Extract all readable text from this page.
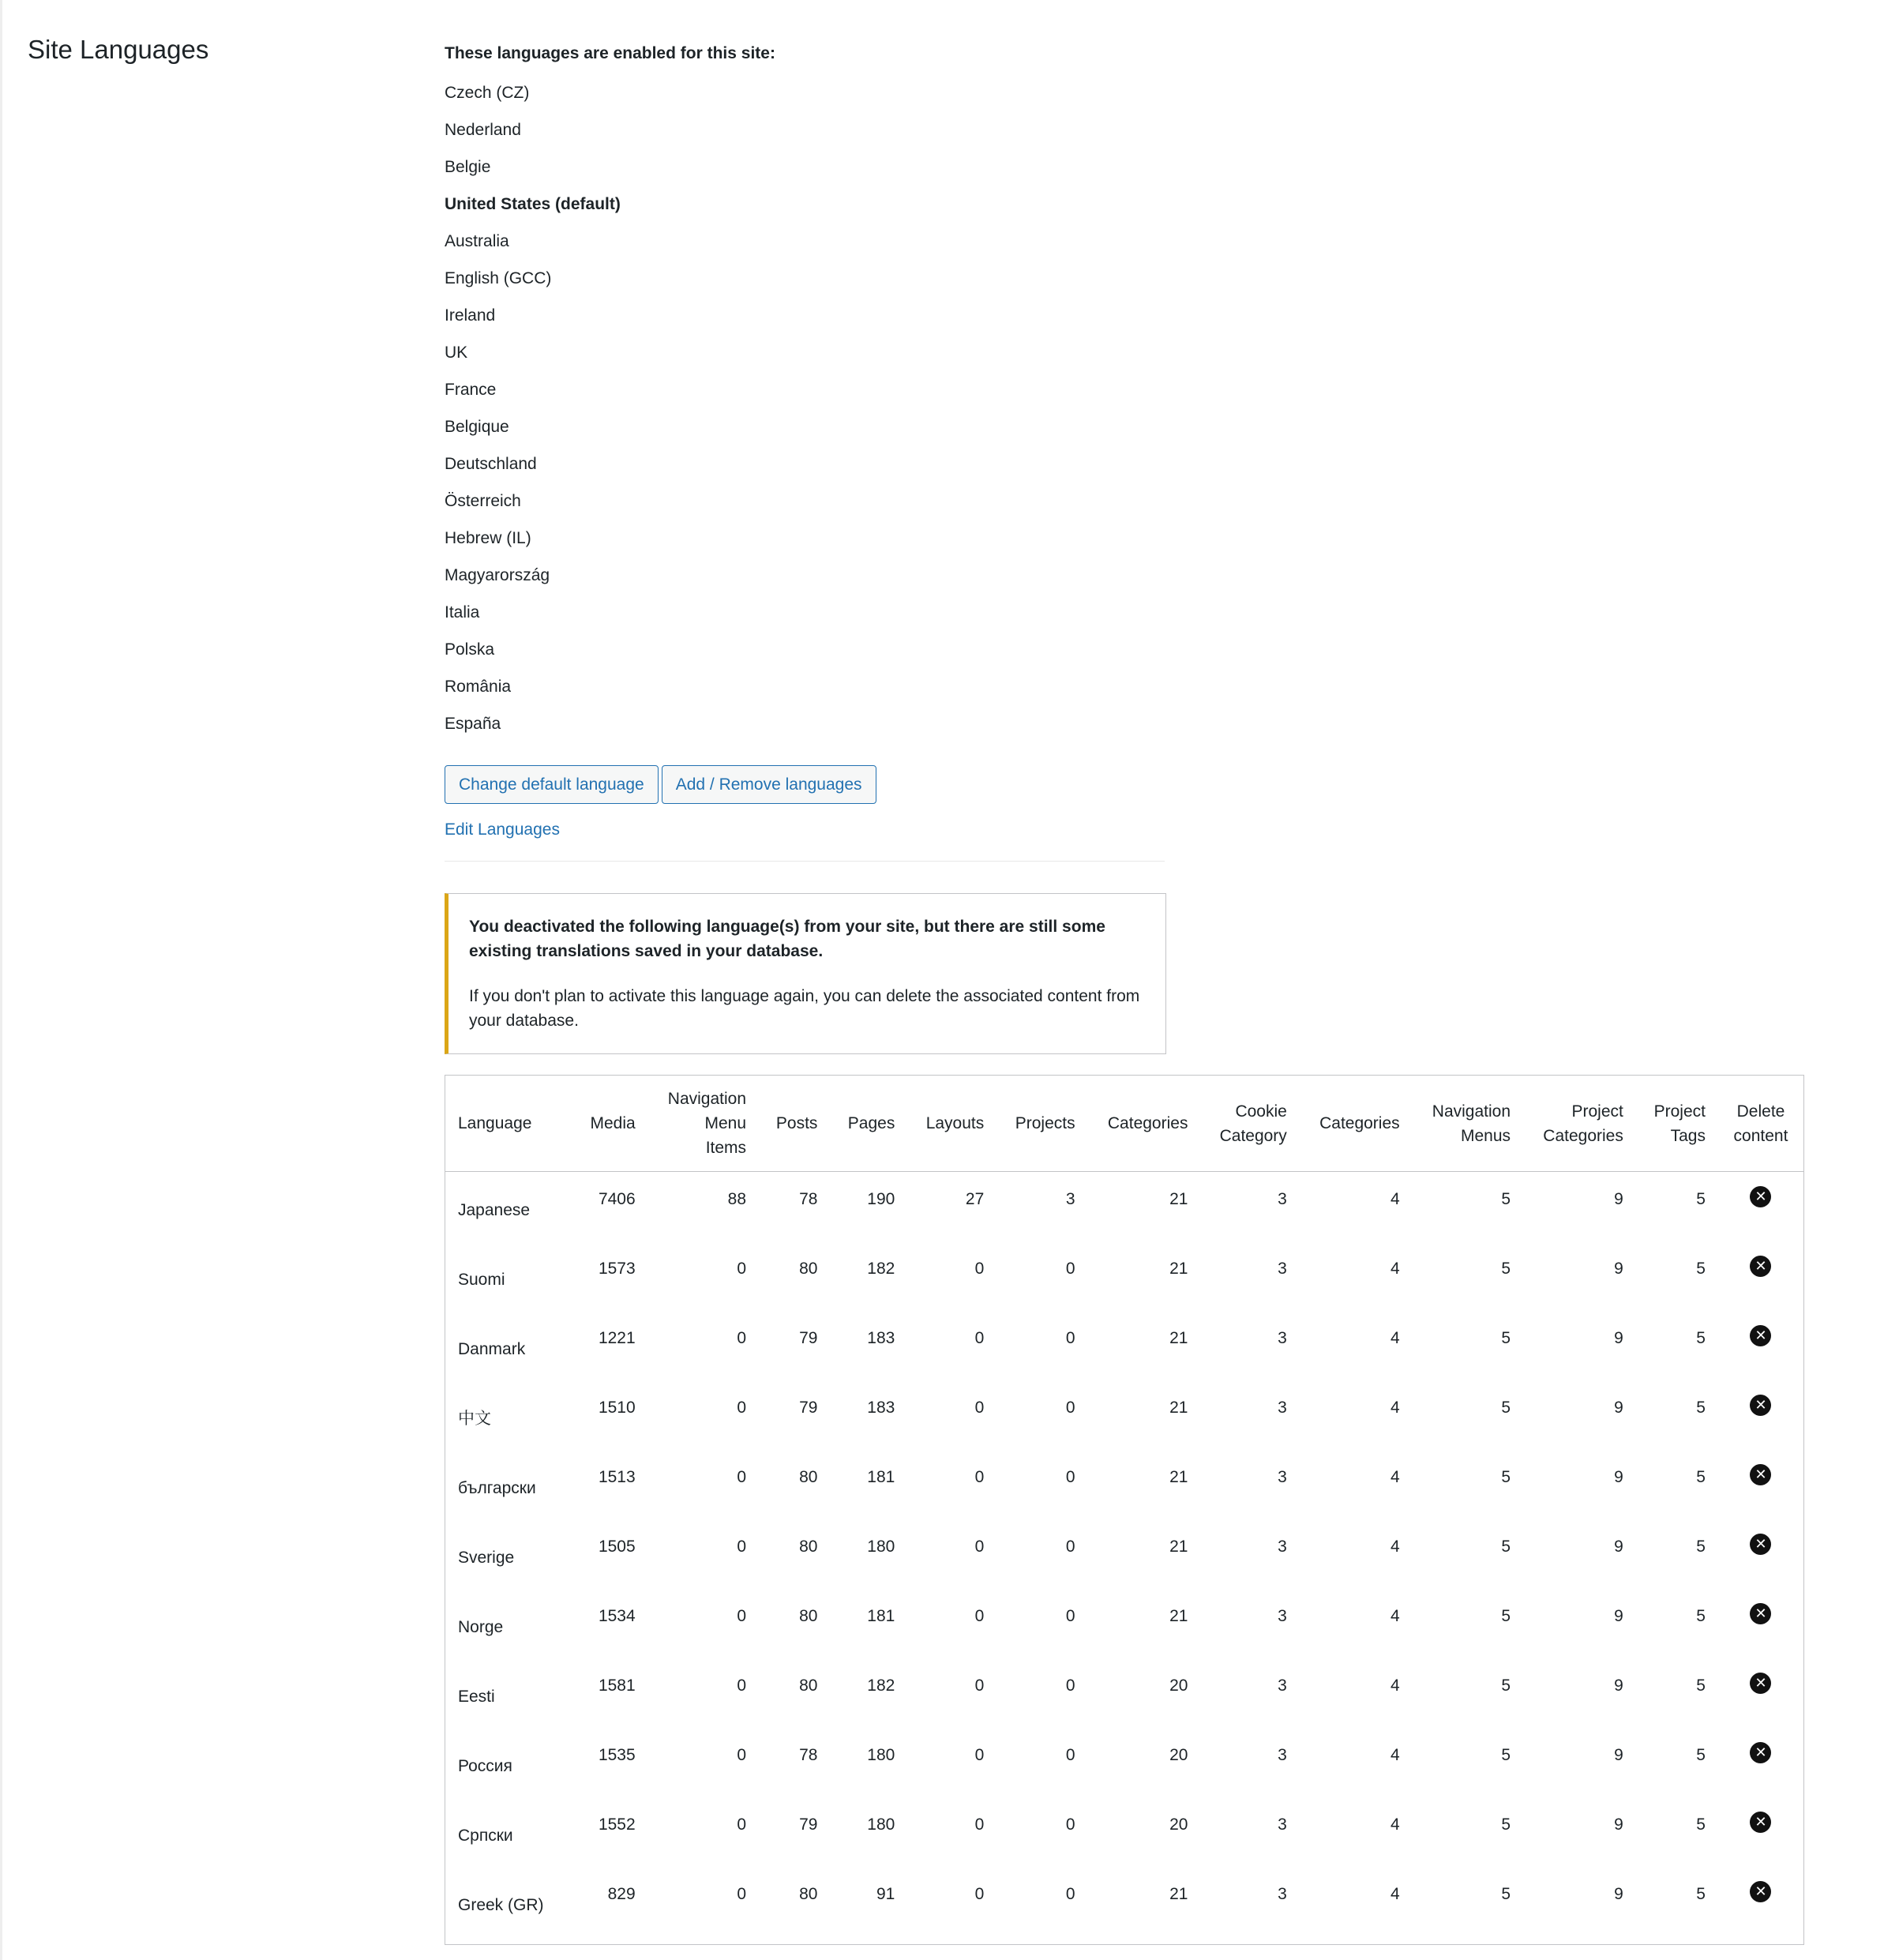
Site Languages	These languages are enabled for this site:

Czech (CZ)
Nederland
Belgie
United States (default)
Australia
English (GCC)
Ireland
UK
France
Belgique
Deutschland
Österreich
Hebrew (IL)
Magyarország
Italia
Polska
România
España
Change default language Add / Remove languages
Edit Languages

You deactivated the following language(s) from your site, but there are still some existing translations saved in your database.

If you don't plan to activate this language again, you can delete the associated content from your database.

Language	Media	Navigation Menu Items	Posts	Pages	Layouts	Projects	Categories	Cookie Category	Categories	Navigation Menus	Project Categories	Project Tags	Delete content
Japanese	7406	88	78	190	27	3	21	3	4	5	9	5	✕
Suomi	1573	0	80	182	0	0	21	3	4	5	9	5	✕
Danmark	1221	0	79	183	0	0	21	3	4	5	9	5	✕
中文	1510	0	79	183	0	0	21	3	4	5	9	5	✕
български	1513	0	80	181	0	0	21	3	4	5	9	5	✕
Sverige	1505	0	80	180	0	0	21	3	4	5	9	5	✕
Norge	1534	0	80	181	0	0	21	3	4	5	9	5	✕
Eesti	1581	0	80	182	0	0	20	3	4	5	9	5	✕
Россия	1535	0	78	180	0	0	20	3	4	5	9	5	✕
Српски	1552	0	79	180	0	0	20	3	4	5	9	5	✕
Greek (GR)	829	0	80	91	0	0	21	3	4	5	9	5	✕
